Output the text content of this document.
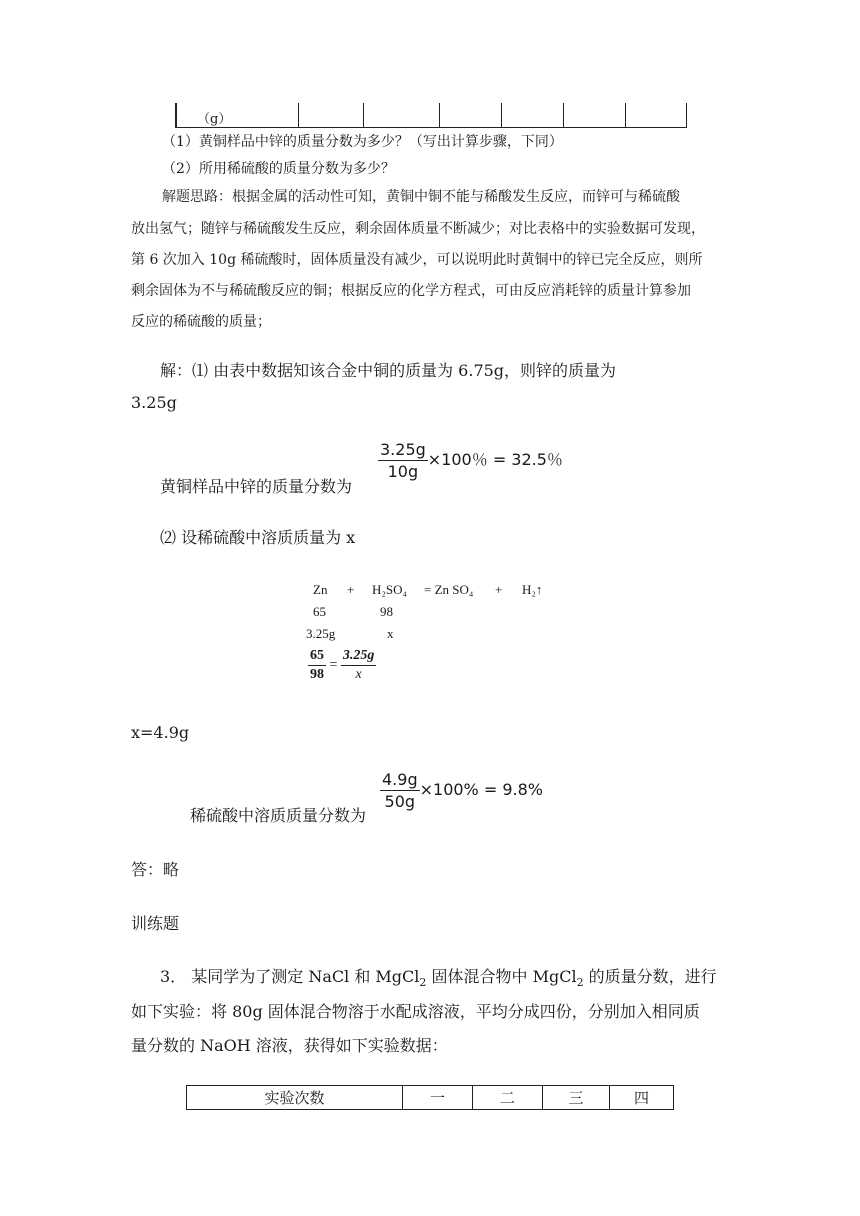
（g）						
（1）黄铜样品中锌的质量分数为多少？（写出计算步骤，下同）
（2）所用稀硫酸的质量分数为多少？
解题思路：根据金属的活动性可知，黄铜中铜不能与稀酸发生反应，而锌可与稀硫酸
放出氢气；随锌与稀硫酸发生反应，剩余固体质量不断减少；对比表格中的实验数据可发现，
第 6 次加入 10g 稀硫酸时，固体质量没有减少，可以说明此时黄铜中的锌已完全反应，则所
剩余固体为不与稀硫酸反应的铜；根据反应的化学方程式，可由反应消耗锌的质量计算参加
反应的稀硫酸的质量；
解：⑴ 由表中数据知该合金中铜的质量为 6.75g，则锌的质量为
3.25g
黄铜样品中锌的质量分数为
$\frac{3.25g}{10g} \times 100$％ = 32.5％
⑵ 设稀硫酸中溶质质量为 x
Zn + H₂SO₄ = Zn SO₄ + H₂↑
65	98
3.25g	x
$\frac{65}{98} = \frac{3.25g}{x}$
x=4.9g
稀硫酸中溶质质量分数为
$\frac{4.9g}{50g} \times 100\% = 9.8\%$
答：略
训练题
3． 某同学为了测定 NaCl 和 MgCl$_2$ 固体混合物中 MgCl$_2$ 的质量分数，进行
如下实验：将 80g 固体混合物溶于水配成溶液，平均分成四份，分别加入相同质
量分数的 NaOH 溶液，获得如下实验数据：
实验次数	一	二	三	四
